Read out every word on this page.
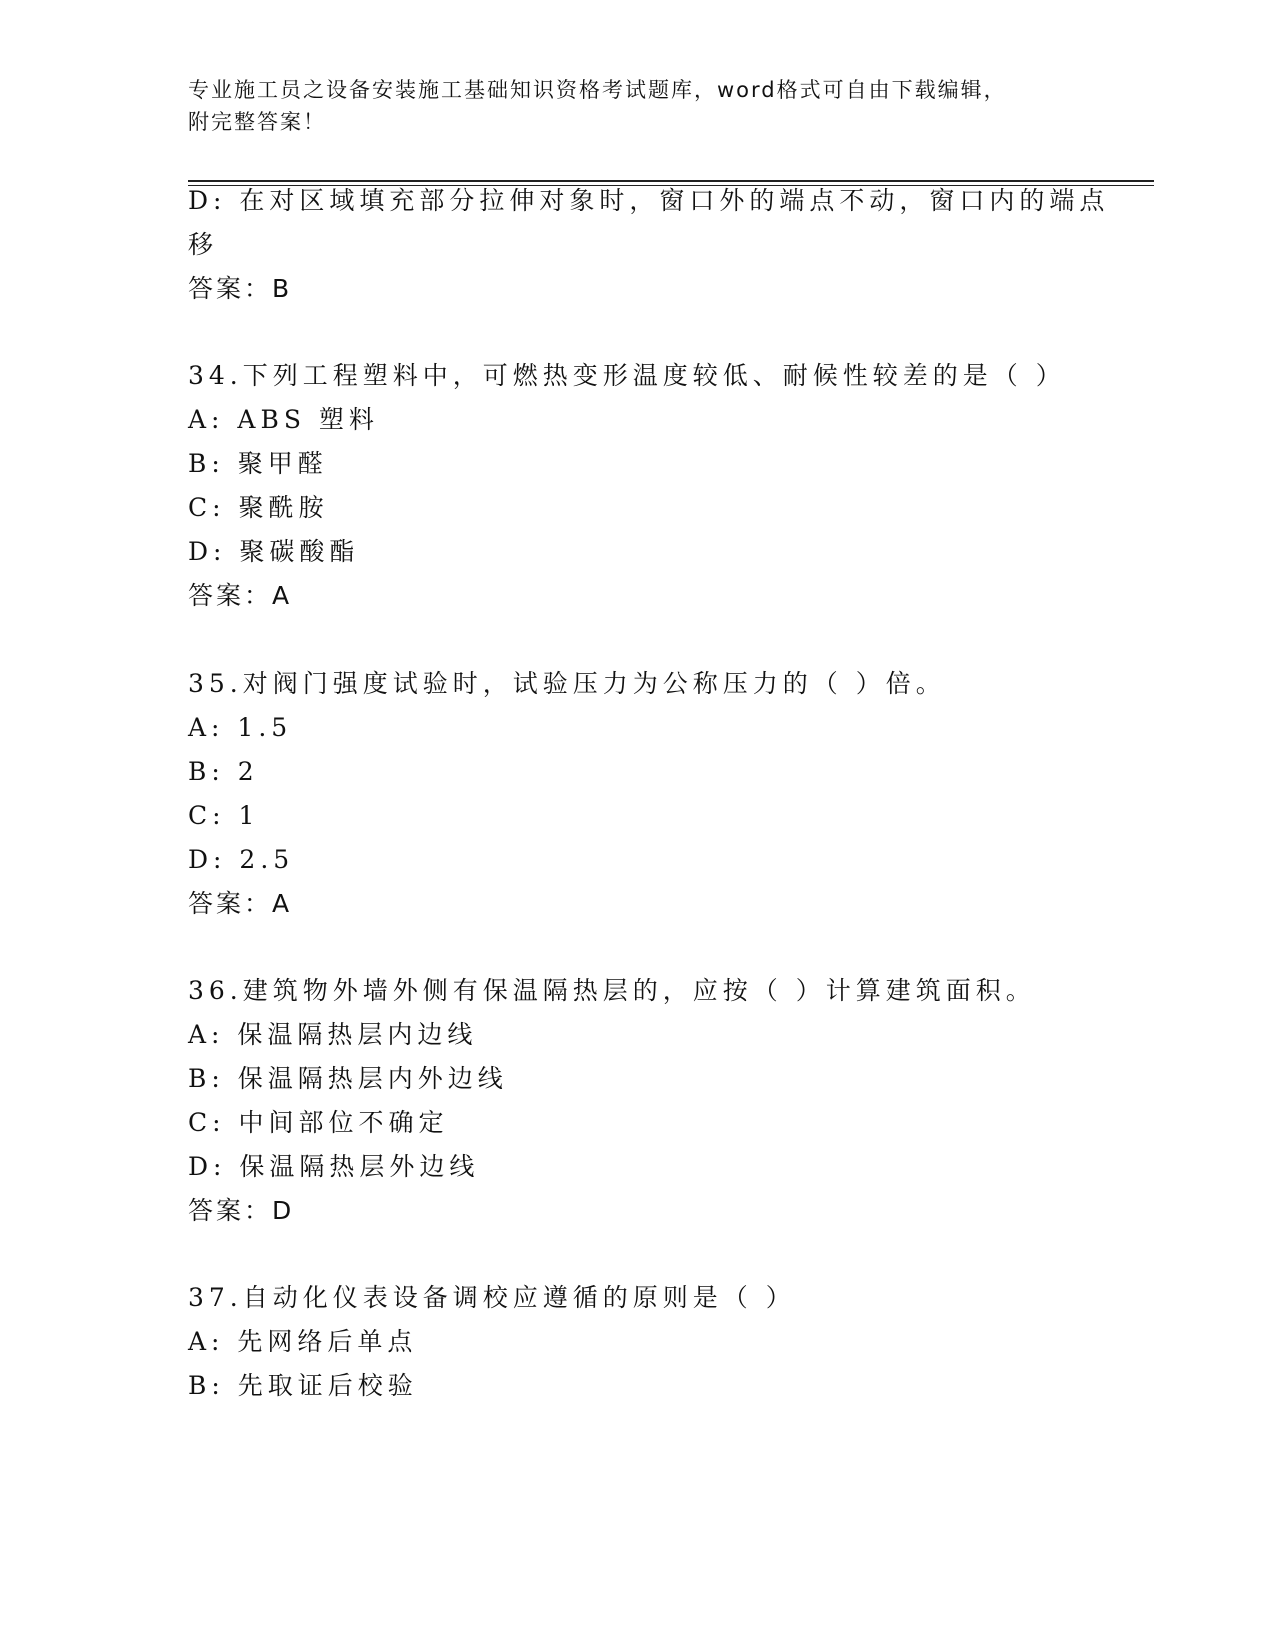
专业施工员之设备安装施工基础知识资格考试题库，word格式可自由下载编辑，
附完整答案！
D: 在对区域填充部分拉伸对象时，窗口外的端点不动，窗口内的端点
移
答案：B
34.下列工程塑料中，可燃热变形温度较低、耐候性较差的是（ ）
A: ABS 塑料
B: 聚甲醛
C: 聚酰胺
D: 聚碳酸酯
答案：A
35.对阀门强度试验时，试验压力为公称压力的（ ）倍。
A: 1.5
B: 2
C: 1
D: 2.5
答案：A
36.建筑物外墙外侧有保温隔热层的，应按（ ）计算建筑面积。
A: 保温隔热层内边线
B: 保温隔热层内外边线
C: 中间部位不确定
D: 保温隔热层外边线
答案：D
37.自动化仪表设备调校应遵循的原则是（ ）
A: 先网络后单点
B: 先取证后校验
